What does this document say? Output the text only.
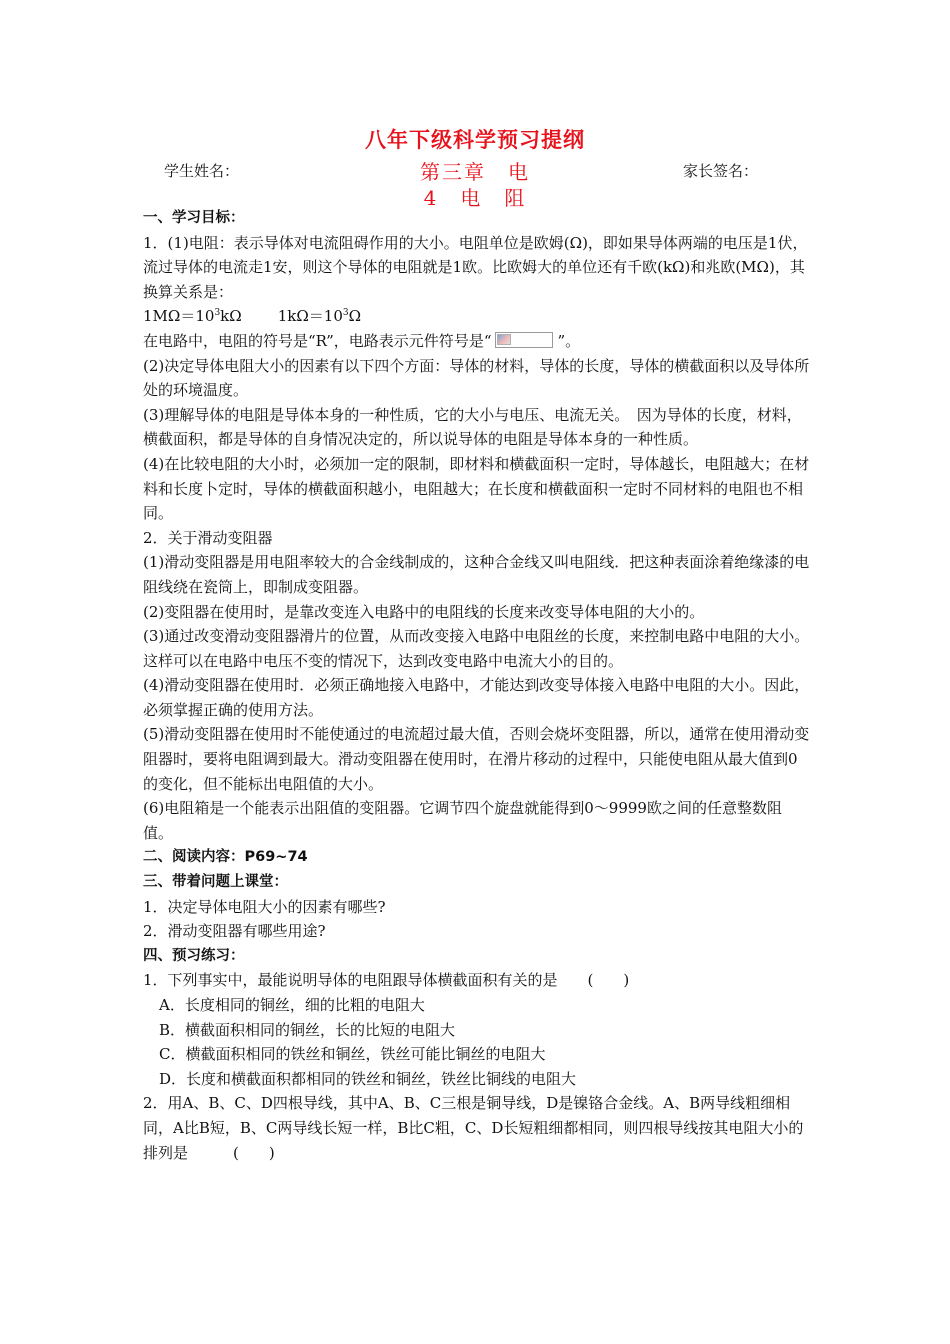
八年下级科学预习提纲
学生姓名：	第三章　电	家长签名：
4　电　阻

一、学习目标：

1．(1)电阻：表示导体对电流阻碍作用的大小。电阻单位是欧姆(Ω)，即如果导体两端的电压是1伏，流过导体的电流走1安，则这个导体的电阻就是1欧。比欧姆大的单位还有千欧(kΩ)和兆欧(MΩ)，其换算关系是：

$1M\Omega=10^3k\Omega$ $1k\Omega=10^3\Omega$

在电路中，电阻的符号是“R”，电路表示元件符号是“	”。

(2)决定导体电阻大小的因素有以下四个方面：导体的材料，导体的长度，导体的横截面积以及导体所处的环境温度。

(3)理解导体的电阻是导体本身的一种性质，它的大小与电压、电流无关。　因为导体的长度，材料，横截面积，都是导体的自身情况决定的，所以说导体的电阻是导体本身的一种性质。

(4)在比较电阻的大小时，必须加一定的限制，即材料和横截面积一定时，导体越长，电阻越大；在材料和长度卜定时，导体的横截面积越小，电阻越大；在长度和横截面积一定时不同材料的电阻也不相同。

2．关于滑动变阻器

(1)滑动变阻器是用电阻率较大的合金线制成的，这种合金线又叫电阻线．把这种表面涂着绝缘漆的电阻线绕在瓷筒上，即制成变阻器。

(2)变阻器在使用时，是靠改变连入电路中的电阻线的长度来改变导体电阻的大小的。

(3)通过改变滑动变阻器滑片的位置，从而改变接入电路中电阻丝的长度，来控制电路中电阻的大小。这样可以在电路中电压不变的情况下，达到改变电路中电流大小的目的。

(4)滑动变阻器在使用时．必须正确地接入电路中，才能达到改变导体接入电路中电阻的大小。因此，必须掌握正确的使用方法。

(5)滑动变阻器在使用时不能使通过的电流超过最大值，否则会烧坏变阻器，所以，通常在使用滑动变阻器时，要将电阻调到最大。滑动变阻器在使用时，在滑片移动的过程中，只能使电阻从最大值到0的变化，但不能标出电阻值的大小。

(6)电阻箱是一个能表示出阻值的变阻器。它调节四个旋盘就能得到0～9999欧之间的任意整数阻值。

二、阅读内容：P69~74

三、带着问题上课堂：

1．决定导体电阻大小的因素有哪些?

2．滑动变阻器有哪些用途?

四、预习练习：

1．下列事实中，最能说明导体的电阻跟导体横截面积有关的是　　(　　)

A．长度相同的铜丝，细的比粗的电阻大

B．横截面积相同的铜丝，长的比短的电阻大

C．横截面积相同的铁丝和铜丝，铁丝可能比铜丝的电阻大

D．长度和横截面积都相同的铁丝和铜丝，铁丝比铜线的电阻大

2．用A、B、C、D四根导线，其中A、B、C三根是铜导线，D是镍铬合金线。A、B两导线粗细相同，A比B短，B、C两导线长短一样，B比C粗，C、D长短粗细都相同，则四根导线按其电阻大小的排列是　　　(　　)
